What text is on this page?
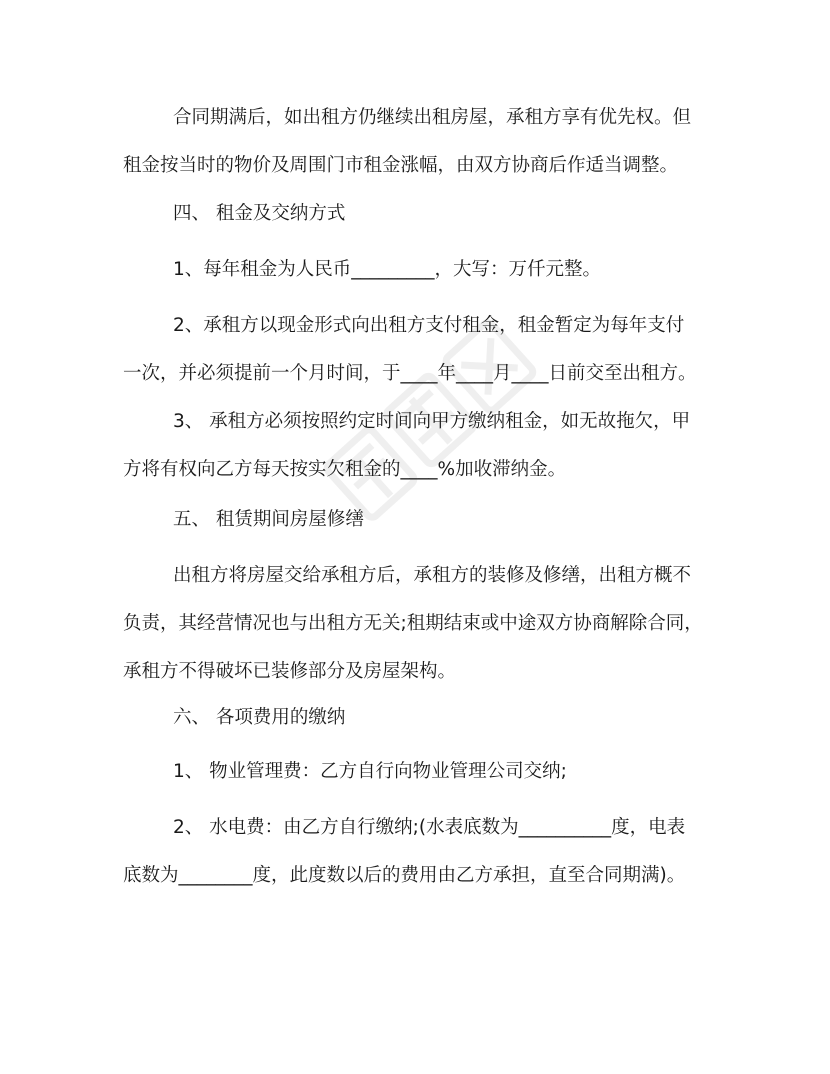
合同期满后，如出租方仍继续出租房屋，承租方享有优先权。但
租金按当时的物价及周围门市租金涨幅，由双方协商后作适当调整。
四、 租金及交纳方式
1、每年租金为人民币_________，大写：万仟元整。
2、承租方以现金形式向出租方支付租金，租金暂定为每年支付
一次，并必须提前一个月时间，于____年____月____日前交至出租方。
3、 承租方必须按照约定时间向甲方缴纳租金，如无故拖欠，甲
方将有权向乙方每天按实欠租金的____%加收滞纳金。
五、 租赁期间房屋修缮
出租方将房屋交给承租方后，承租方的装修及修缮，出租方概不
负责，其经营情况也与出租方无关;租期结束或中途双方协商解除合同，
承租方不得破坏已装修部分及房屋架构。
六、 各项费用的缴纳
1、 物业管理费：乙方自行向物业管理公司交纳;
2、 水电费：由乙方自行缴纳;(水表底数为__________度，电表
底数为________度，此度数以后的费用由乙方承担，直至合同期满)。
